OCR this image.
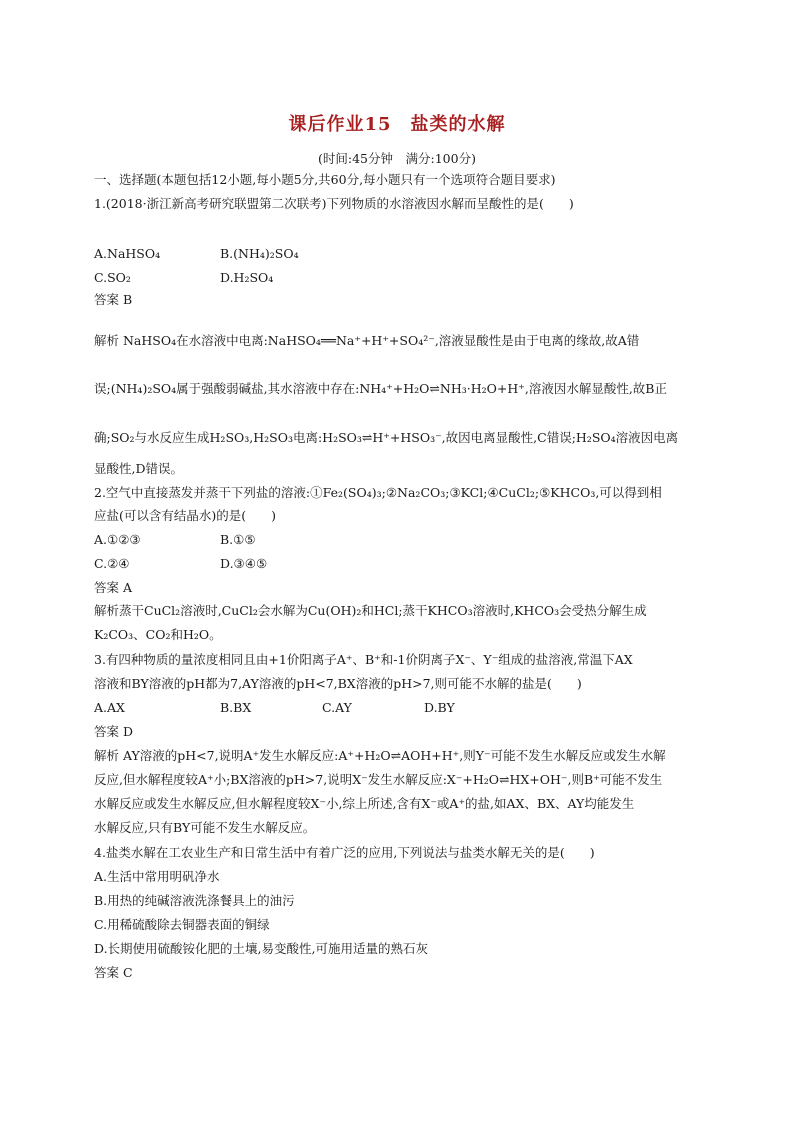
课后作业15　盐类的水解
(时间:45分钟　满分:100分)
一、选择题(本题包括12小题,每小题5分,共60分,每小题只有一个选项符合题目要求)
1.(2018·浙江新高考研究联盟第二次联考)下列物质的水溶液因水解而呈酸性的是(　　)
A.NaHSO₄	B.(NH₄)₂SO₄
C.SO₂	D.H₂SO₄
答案 B
解析 NaHSO₄在水溶液中电离:NaHSO₄══Na⁺+H⁺+SO₄²⁻,溶液显酸性是由于电离的缘故,故A错
误;(NH₄)₂SO₄属于强酸弱碱盐,其水溶液中存在:NH₄⁺+H₂O⇌NH₃·H₂O+H⁺,溶液因水解显酸性,故B正
确;SO₂与水反应生成H₂SO₃,H₂SO₃电离:H₂SO₃⇌H⁺+HSO₃⁻,故因电离显酸性,C错误;H₂SO₄溶液因电离
显酸性,D错误。
2.空气中直接蒸发并蒸干下列盐的溶液:①Fe₂(SO₄)₃;②Na₂CO₃;③KCl;④CuCl₂;⑤KHCO₃,可以得到相
应盐(可以含有结晶水)的是(　　)
A.①②③	B.①⑤
C.②④	D.③④⑤
答案 A
解析蒸干CuCl₂溶液时,CuCl₂会水解为Cu(OH)₂和HCl;蒸干KHCO₃溶液时,KHCO₃会受热分解生成
K₂CO₃、CO₂和H₂O。
3.有四种物质的量浓度相同且由+1价阳离子A⁺、B⁺和-1价阴离子X⁻、Y⁻组成的盐溶液,常温下AX
溶液和BY溶液的pH都为7,AY溶液的pH<7,BX溶液的pH>7,则可能不水解的盐是(　　)
A.AX	B.BX	C.AY	D.BY
答案 D
解析 AY溶液的pH<7,说明A⁺发生水解反应:A⁺+H₂O⇌AOH+H⁺,则Y⁻可能不发生水解反应或发生水解
反应,但水解程度较A⁺小;BX溶液的pH>7,说明X⁻发生水解反应:X⁻+H₂O⇌HX+OH⁻,则B⁺可能不发生
水解反应或发生水解反应,但水解程度较X⁻小,综上所述,含有X⁻或A⁺的盐,如AX、BX、AY均能发生
水解反应,只有BY可能不发生水解反应。
4.盐类水解在工农业生产和日常生活中有着广泛的应用,下列说法与盐类水解无关的是(　　)
A.生活中常用明矾净水
B.用热的纯碱溶液洗涤餐具上的油污
C.用稀硫酸除去铜器表面的铜绿
D.长期使用硫酸铵化肥的土壤,易变酸性,可施用适量的熟石灰
答案 C
